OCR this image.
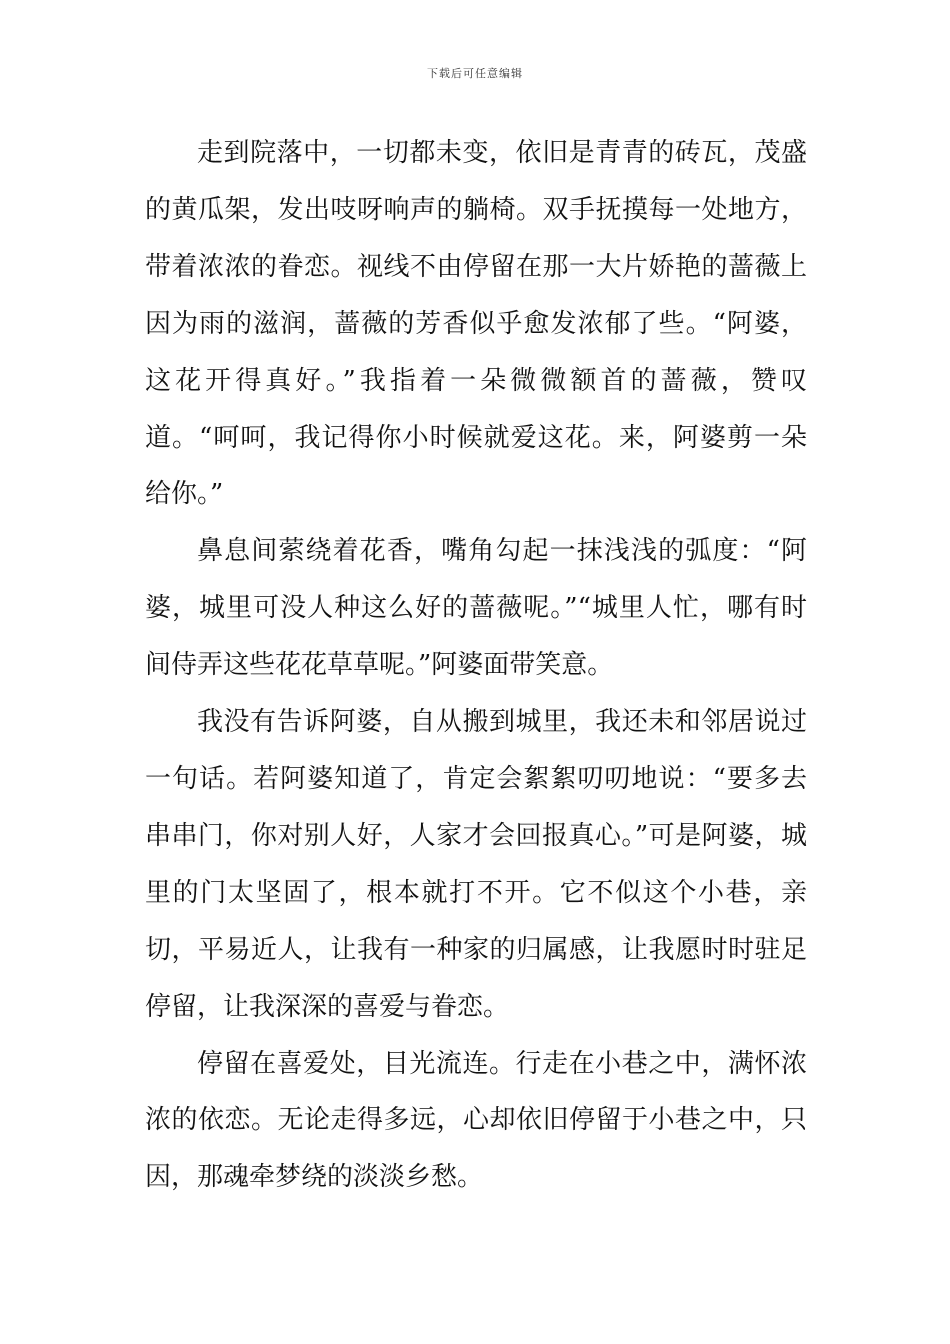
下载后可任意编辑

走到院落中，一切都未变，依旧是青青的砖瓦，茂盛的黄瓜架，发出吱呀响声的躺椅。双手抚摸每一处地方，带着浓浓的眷恋。视线不由停留在那一大片娇艳的蔷薇上因为雨的滋润，蔷薇的芳香似乎愈发浓郁了些。“阿婆，这花开得真好。”我指着一朵微微额首的蔷薇，赞叹道。“呵呵，我记得你小时候就爱这花。来，阿婆剪一朵给你。”

鼻息间萦绕着花香，嘴角勾起一抹浅浅的弧度：“阿婆，城里可没人种这么好的蔷薇呢。”“城里人忙，哪有时间侍弄这些花花草草呢。”阿婆面带笑意。

我没有告诉阿婆，自从搬到城里，我还未和邻居说过一句话。若阿婆知道了，肯定会絮絮叨叨地说：“要多去串串门，你对别人好，人家才会回报真心。”可是阿婆，城里的门太坚固了，根本就打不开。它不似这个小巷，亲切，平易近人，让我有一种家的归属感，让我愿时时驻足停留，让我深深的喜爱与眷恋。

停留在喜爱处，目光流连。行走在小巷之中，满怀浓浓的依恋。无论走得多远，心却依旧停留于小巷之中，只因，那魂牵梦绕的淡淡乡愁。
